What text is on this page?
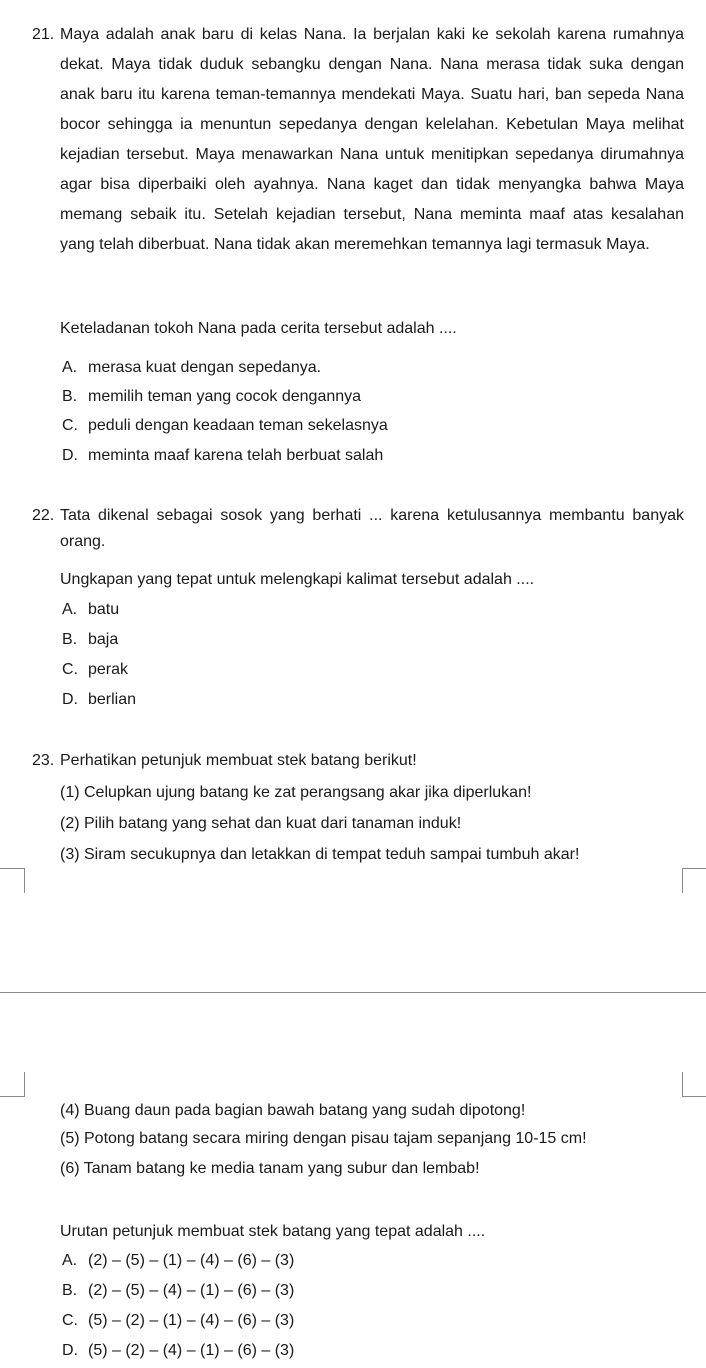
21. Maya adalah anak baru di kelas Nana. Ia berjalan kaki ke sekolah karena rumahnya dekat. Maya tidak duduk sebangku dengan Nana. Nana merasa tidak suka dengan anak baru itu karena teman-temannya mendekati Maya. Suatu hari, ban sepeda Nana bocor sehingga ia menuntun sepedanya dengan kelelahan. Kebetulan Maya melihat kejadian tersebut. Maya menawarkan Nana untuk menitipkan sepedanya dirumahnya agar bisa diperbaiki oleh ayahnya. Nana kaget dan tidak menyangka bahwa Maya memang sebaik itu. Setelah kejadian tersebut, Nana meminta maaf atas kesalahan yang telah diberbuat. Nana tidak akan meremehkan temannya lagi termasuk Maya.

Keteladanan tokoh Nana pada cerita tersebut adalah ....

A. merasa kuat dengan sepedanya.
B. memilih teman yang cocok dengannya
C. peduli dengan keadaan teman sekelasnya
D. meminta maaf karena telah berbuat salah
22. Tata dikenal sebagai sosok yang berhati ... karena ketulusannya membantu banyak orang.

Ungkapan yang tepat untuk melengkapi kalimat tersebut adalah ....

A. batu
B. baja
C. perak
D. berlian
23. Perhatikan petunjuk membuat stek batang berikut!

(1) Celupkan ujung batang ke zat perangsang akar jika diperlukan!

(2) Pilih batang yang sehat dan kuat dari tanaman induk!

(3) Siram secukupnya dan letakkan di tempat teduh sampai tumbuh akar!

(4) Buang daun pada bagian bawah batang yang sudah dipotong!

(5) Potong batang secara miring dengan pisau tajam sepanjang 10-15 cm!

(6) Tanam batang ke media tanam yang subur dan lembab!

Urutan petunjuk membuat stek batang yang tepat adalah ....

A. (2) – (5) – (1) – (4) – (6) – (3)
B. (2) – (5) – (4) – (1) – (6) – (3)
C. (5) – (2) – (1) – (4) – (6) – (3)
D. (5) – (2) – (4) – (1) – (6) – (3)
